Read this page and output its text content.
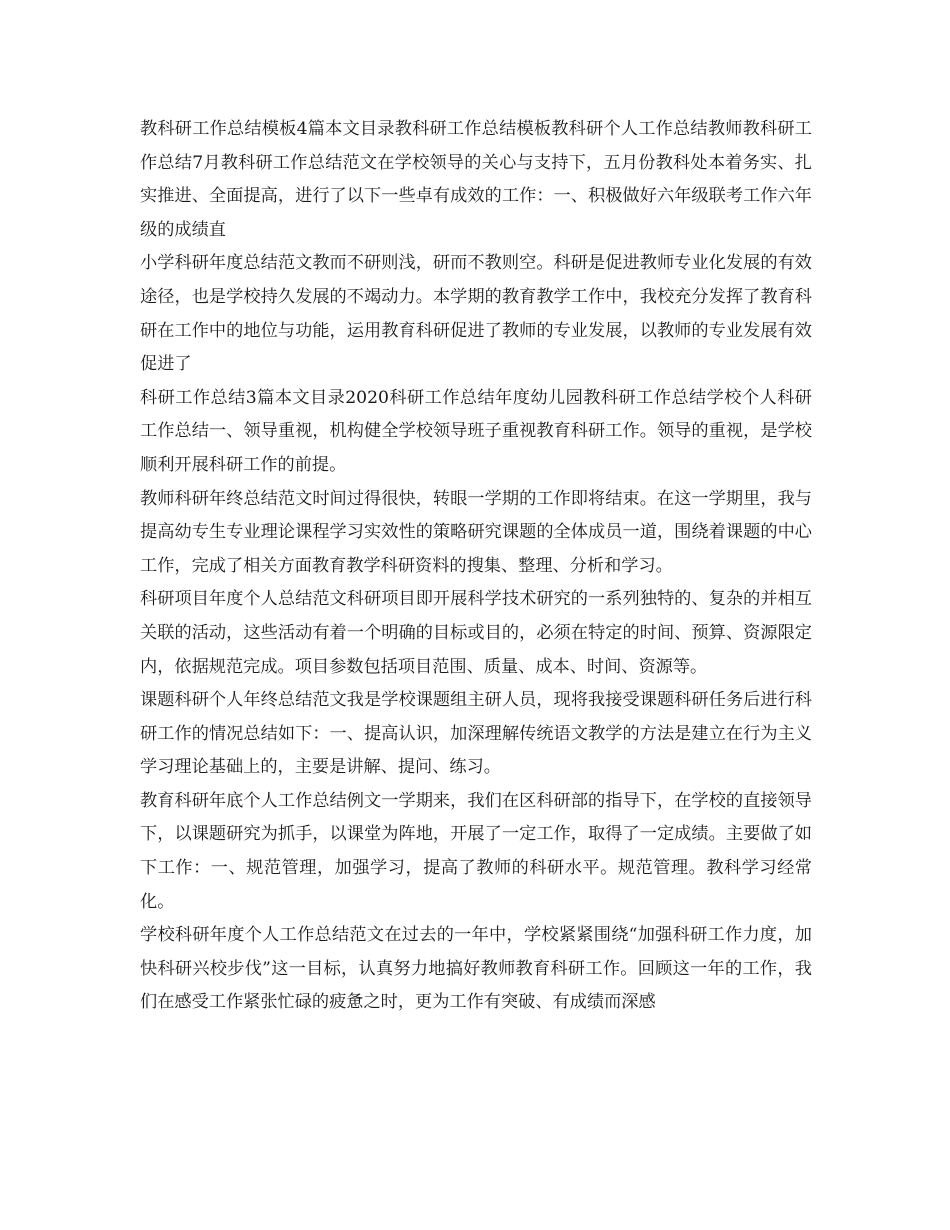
教科研工作总结模板4篇本文目录教科研工作总结模板教科研个人工作总结教师教科研工作总结7月教科研工作总结范文在学校领导的关心与支持下，五月份教科处本着务实、扎实推进、全面提高，进行了以下一些卓有成效的工作：一、积极做好六年级联考工作六年级的成绩直

小学科研年度总结范文教而不研则浅，研而不教则空。科研是促进教师专业化发展的有效途径，也是学校持久发展的不竭动力。本学期的教育教学工作中，我校充分发挥了教育科研在工作中的地位与功能，运用教育科研促进了教师的专业发展，以教师的专业发展有效促进了

科研工作总结3篇本文目录2020科研工作总结年度幼儿园教科研工作总结学校个人科研工作总结一、领导重视，机构健全学校领导班子重视教育科研工作。领导的重视，是学校顺利开展科研工作的前提。

教师科研年终总结范文时间过得很快，转眼一学期的工作即将结束。在这一学期里，我与提高幼专生专业理论课程学习实效性的策略研究课题的全体成员一道，围绕着课题的中心工作，完成了相关方面教育教学科研资料的搜集、整理、分析和学习。

科研项目年度个人总结范文科研项目即开展科学技术研究的一系列独特的、复杂的并相互关联的活动，这些活动有着一个明确的目标或目的，必须在特定的时间、预算、资源限定内，依据规范完成。项目参数包括项目范围、质量、成本、时间、资源等。

课题科研个人年终总结范文我是学校课题组主研人员，现将我接受课题科研任务后进行科研工作的情况总结如下：一、提高认识，加深理解传统语文教学的方法是建立在行为主义学习理论基础上的，主要是讲解、提问、练习。

教育科研年底个人工作总结例文一学期来，我们在区科研部的指导下，在学校的直接领导下，以课题研究为抓手，以课堂为阵地，开展了一定工作，取得了一定成绩。主要做了如下工作：一、规范管理，加强学习，提高了教师的科研水平。规范管理。教科学习经常化。

学校科研年度个人工作总结范文在过去的一年中，学校紧紧围绕“加强科研工作力度，加快科研兴校步伐”这一目标，认真努力地搞好教师教育科研工作。回顾这一年的工作，我们在感受工作紧张忙碌的疲惫之时，更为工作有突破、有成绩而深感
